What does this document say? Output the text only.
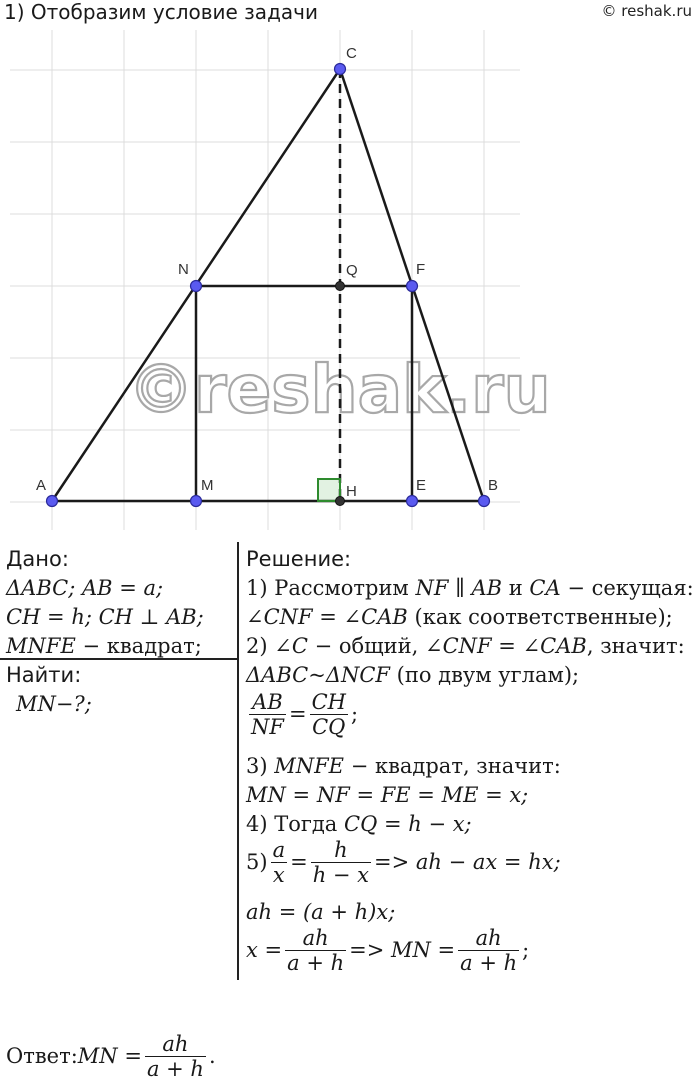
1) Отобразим условие задачи	© reshak.ru
©reshak.ru
C
N	Q	F
A	M	H	E	B
Дано:
ΔABC; AB = a;
CH = h; CH ⊥ AB;
MNFE − квадрат;
Найти:
MN−?;
Решение:
1) Рассмотрим NF ∥ AB и CA − секущая:
∠CNF = ∠CAB (как соответственные);
2) ∠C − общий, ∠CNF = ∠CAB, значит:
ΔABC~ΔNCF (по двум углам);
$\frac{AB}{NF} = \frac{CH}{CQ}$ ;
3) MNFE − квадрат, значит:
MN = NF = FE = ME = x;
4) Тогда CQ = h − x;
$5) \frac{a}{x} = \frac{h}{h - x}$ => ah − ax = hx;
ah = (a + h)x;
$x = \frac{ah}{a + h}$ => MN = $\frac{ah}{a + h}$ ;
Ответ: MN = $\frac{ah}{a + h}$ .
